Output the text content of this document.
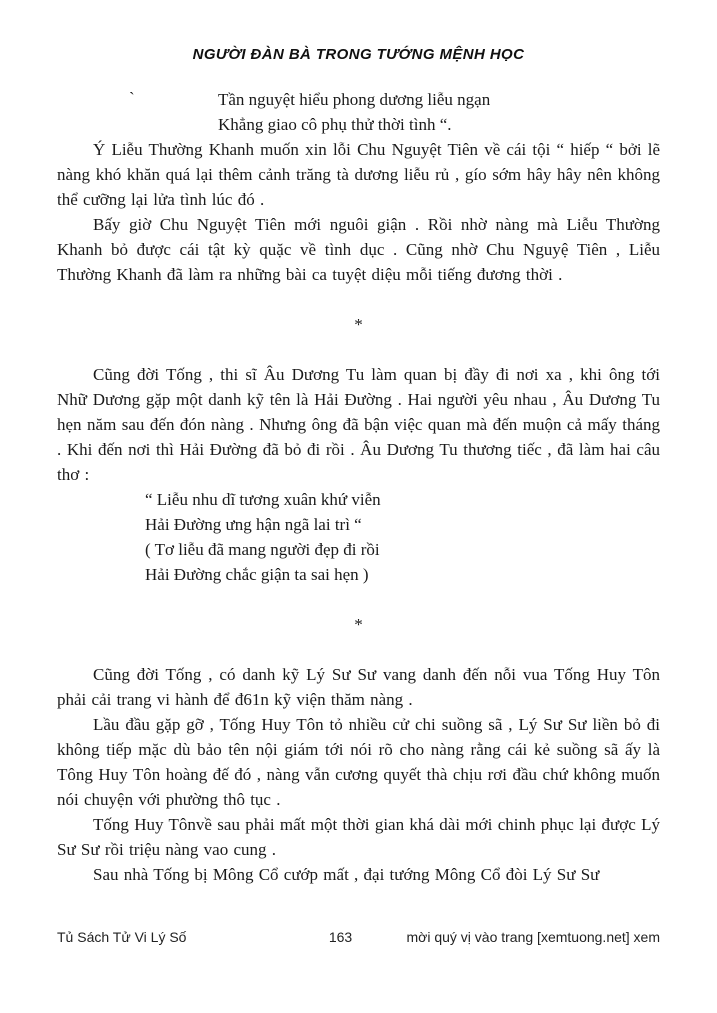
NGƯỜI ĐÀN BÀ TRONG TƯỚNG MỆNH HỌC
`	Tần nguyệt hiểu phong dương liễu ngạn
Khẳng giao cô phụ thử thời tình “.

Ý Liễu Thường Khanh muốn xin lỗi Chu Nguyệt Tiên về cái tội “ hiếp “ bởi lẽ nàng khó khăn quá lại thêm cảnh trăng tà dương liễu rủ , gío sớm hây hây nên không thể cưỡng lại lửa tình lúc đó .

Bấy giờ Chu Nguyệt Tiên mới nguôi giận . Rồi nhờ nàng mà Liễu Thường Khanh bỏ được cái tật kỳ quặc về tình dục . Cũng nhờ Chu Nguyệ Tiên , Liễu Thường Khanh đã làm ra những bài ca tuyệt diệu mỗi tiếng đương thời .

*

Cũng đời Tống , thi sĩ Âu Dương Tu làm quan bị đầy đi nơi xa , khi ông tới Nhữ Dương gặp một danh kỹ tên là Hải Đường . Hai người yêu nhau , Âu Dương Tu hẹn năm sau đến đón nàng . Nhưng ông đã bận việc quan mà đến muộn cả mấy tháng . Khi đến nơi thì Hải Đường đã bỏ đi rồi . Âu Dương Tu thương tiếc , đã làm hai câu thơ :

“ Liễu nhu dĩ tương xuân khứ viễn
Hải Đường ưng hận ngã lai trì “
( Tơ liễu đã mang người đẹp đi rồi
Hải Đường chắc giận ta sai hẹn )
*

Cũng đời Tống , có danh kỹ Lý Sư Sư vang danh đến nỗi vua Tống Huy Tôn phải cải trang vi hành để đ61n kỹ viện thăm nàng .

Lầu đầu gặp gỡ , Tống Huy Tôn tỏ nhiều cử chi suồng sã , Lý Sư Sư liền bỏ đi không tiếp mặc dù bảo tên nội giám tới nói rõ cho nàng rằng cái kẻ suồng sã ấy là Tông Huy Tôn hoàng đế đó , nàng vẫn cương quyết thà chịu rơi đầu chứ không muốn nói chuyện với phường thô tục .

Tống Huy Tônvề sau phải mất một thời gian khá dài mới chinh phục lại được Lý Sư Sư rồi triệu nàng vao cung .

Sau nhà Tống bị Mông Cổ cướp mất , đại tướng Mông Cổ đòi Lý Sư Sư

Tủ Sách Tử Vi Lý Số	163	mời quý vị vào trang [xemtuong.net] xem
